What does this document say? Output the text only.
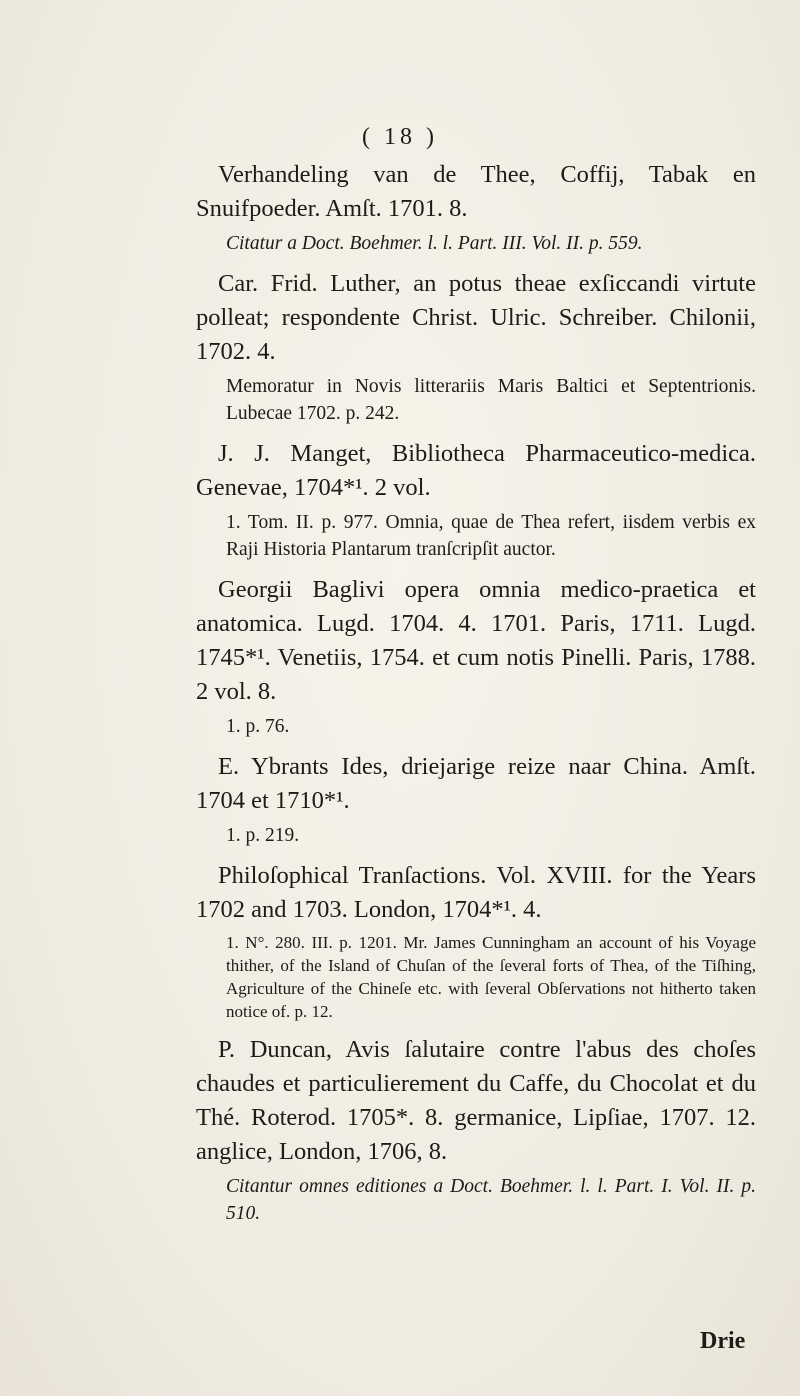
( 18 )

Verhandeling van de Thee, Coffij, Tabak en Snuifpoeder. Amſt. 1701. 8.

Citatur a Doct. Boehmer. l. l. Part. III. Vol. II. p. 559.

Car. Frid. Luther, an potus theae exſiccandi virtute polleat; respondente Christ. Ulric. Schreiber. Chilonii, 1702. 4.

Memoratur in Novis litterariis Maris Baltici et Septentrionis. Lubecae 1702. p. 242.

J. J. Manget, Bibliotheca Pharmaceutico-medica. Genevae, 1704*¹. 2 vol.

1. Tom. II. p. 977. Omnia, quae de Thea refert, iisdem verbis ex Raji Historia Plantarum tranſcripſit auctor.

Georgii Baglivi opera omnia medico-praetica et anatomica. Lugd. 1704. 4. 1701. Paris, 1711. Lugd. 1745*¹. Venetiis, 1754. et cum notis Pinelli. Paris, 1788. 2 vol. 8.

1. p. 76.

E. Ybrants Ides, driejarige reize naar China. Amſt. 1704 et 1710*¹.

1. p. 219.

Philoſophical Tranſactions. Vol. XVIII. for the Years 1702 and 1703. London, 1704*¹. 4.

1. N°. 280. III. p. 1201. Mr. James Cunningham an account of his Voyage thither, of the Island of Chuſan of the ſeveral forts of Thea, of the Tiſhing, Agriculture of the Chineſe etc. with ſeveral Obſervations not hitherto taken notice of. p. 12.

P. Duncan, Avis ſalutaire contre l'abus des choſes chaudes et particulierement du Caffe, du Chocolat et du Thé. Roterod. 1705*. 8. germanice, Lipſiae, 1707. 12. anglice, London, 1706, 8.

Citantur omnes editiones a Doct. Boehmer. l. l. Part. I. Vol. II. p. 510.

Drie
